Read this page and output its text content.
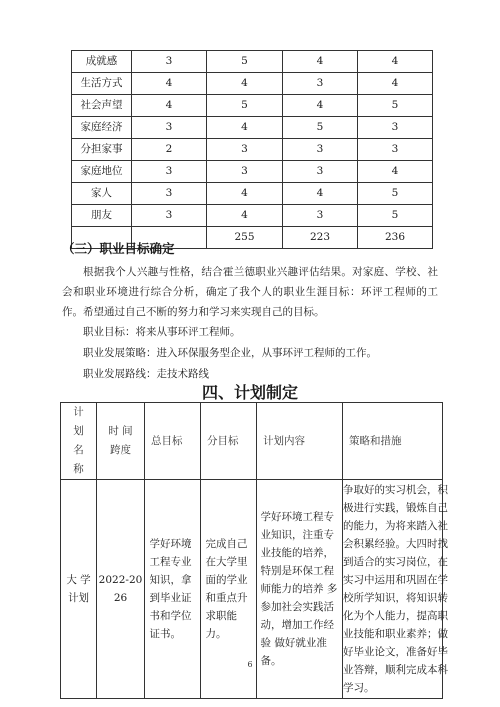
成就感	3	5	4	4
生活方式	4	4	3	4
社会声望	4	5	4	5
家庭经济	3	4	5	3
分担家事	2	3	3	3
家庭地位	3	3	3	4
家人	3	4	4	5
朋友	3	4	3	5
		255	223	236
（三）职业目标确定
根据我个人兴趣与性格，结合霍兰德职业兴趣评估结果。对家庭、学校、社会和职业环境进行综合分析，确定了我个人的职业生涯目标：环评工程师的工作。希望通过自己不断的努力和学习来实现自己的目标。
职业目标：将来从事环评工程师。
职业发展策略：进入环保服务型企业，从事环评工程师的工作。
职业发展路线：走技术路线
四、计划制定
计 划名称	时 间跨度	总目标	分目标	计划内容	策略和措施

大 学计划	2022-2026	学好环境工程专业知识，拿到毕业证书和学位证书。	完成自己在大学里面的学业和重点升求职能力。	学好环境工程专业知识，注重专业技能的培养，特别是环保工程师能力的培养 多参加社会实践活动，增加工作经验 做好就业准备。	争取好的实习机会，积极进行实践，锻炼自己的能力，为将来踏入社会积累经验。大四时找到适合的实习岗位，在实习中运用和巩固在学校所学知识，将知识转化为个人能力，提高职业技能和职业素养；做好毕业论文，准备好毕业答辩，顺利完成本科学习。
6
